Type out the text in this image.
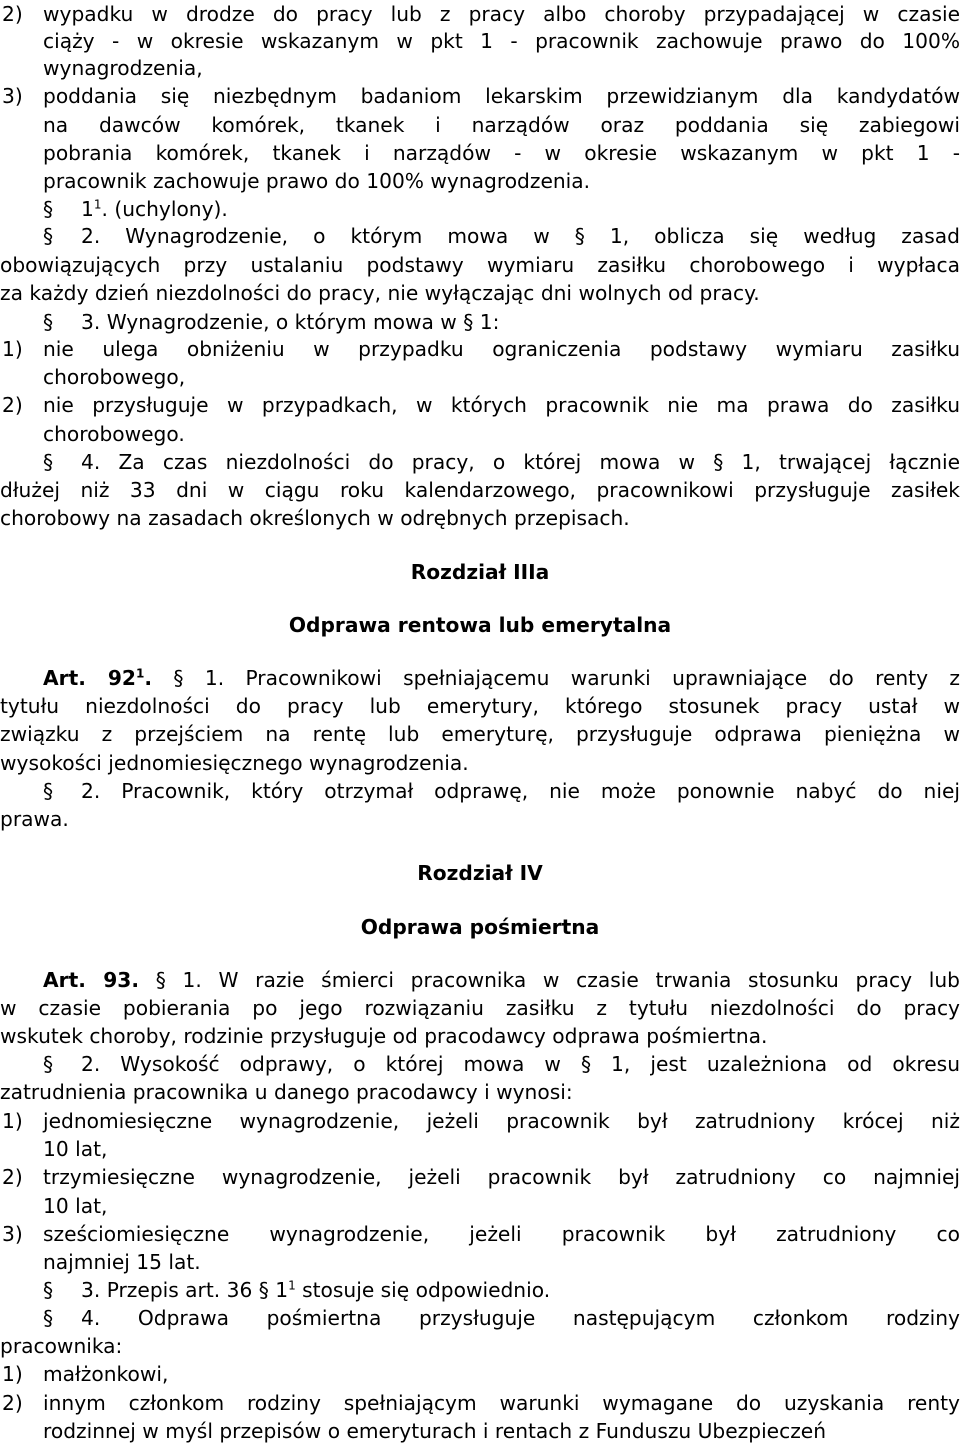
2) wypadku w drodze do pracy lub z pracy albo choroby przypadającej w czasie
ciąży - w okresie wskazanym w pkt 1 - pracownik zachowuje prawo do 100%
wynagrodzenia,
3) poddania się niezbędnym badaniom lekarskim przewidzianym dla kandydatów
na dawców komórek, tkanek i narządów oraz poddania się zabiegowi
pobrania komórek, tkanek i narządów - w okresie wskazanym w pkt 1 -
pracownik zachowuje prawo do 100% wynagrodzenia.
§ $1^1$. (uchylony).
§ 2. Wynagrodzenie, o którym mowa w § 1, oblicza się według zasad
obowiązujących przy ustalaniu podstawy wymiaru zasiłku chorobowego i wypłaca
za każdy dzień niezdolności do pracy, nie wyłączając dni wolnych od pracy.
§ 3. Wynagrodzenie, o którym mowa w § 1:
1) nie ulega obniżeniu w przypadku ograniczenia podstawy wymiaru zasiłku
chorobowego,
2) nie przysługuje w przypadkach, w których pracownik nie ma prawa do zasiłku
chorobowego.
§ 4. Za czas niezdolności do pracy, o której mowa w § 1, trwającej łącznie
dłużej niż 33 dni w ciągu roku kalendarzowego, pracownikowi przysługuje zasiłek
chorobowy na zasadach określonych w odrębnych przepisach.
Rozdział IIIa
Odprawa rentowa lub emerytalna
Art. $92^1$. § 1. Pracownikowi spełniającemu warunki uprawniające do renty z
tytułu niezdolności do pracy lub emerytury, którego stosunek pracy ustał w
związku z przejściem na rentę lub emeryturę, przysługuje odprawa pieniężna w
wysokości jednomiesięcznego wynagrodzenia.
§ 2. Pracownik, który otrzymał odprawę, nie może ponownie nabyć do niej
prawa.
Rozdział IV
Odprawa pośmiertna
Art. 93. § 1. W razie śmierci pracownika w czasie trwania stosunku pracy lub
w czasie pobierania po jego rozwiązaniu zasiłku z tytułu niezdolności do pracy
wskutek choroby, rodzinie przysługuje od pracodawcy odprawa pośmiertna.
§ 2. Wysokość odprawy, o której mowa w § 1, jest uzależniona od okresu
zatrudnienia pracownika u danego pracodawcy i wynosi:
1) jednomiesięczne wynagrodzenie, jeżeli pracownik był zatrudniony krócej niż
10 lat,
2) trzymiesięczne wynagrodzenie, jeżeli pracownik był zatrudniony co najmniej
10 lat,
3) sześciomiesięczne wynagrodzenie, jeżeli pracownik był zatrudniony co
najmniej 15 lat.
§ 3. Przepis art. 36 § $1^1$ stosuje się odpowiednio.
§ 4. Odprawa pośmiertna przysługuje następującym członkom rodziny
pracownika:
1) małżonkowi,
2) innym członkom rodziny spełniającym warunki wymagane do uzyskania renty
rodzinnej w myśl przepisów o emeryturach i rentach z Funduszu Ubezpieczeń
